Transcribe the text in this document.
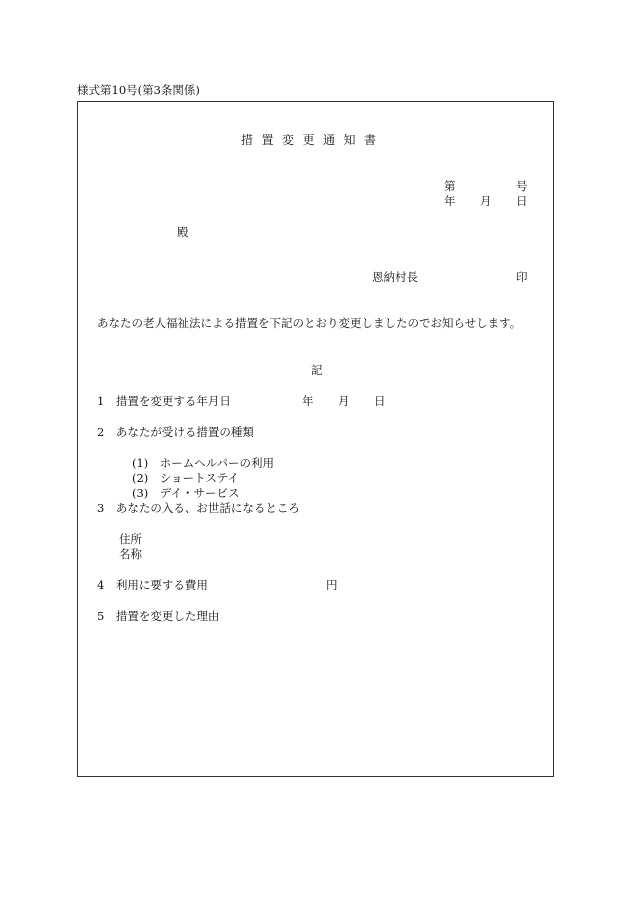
様式第10号(第3条関係)
措置変更通知書
第	号
年 月 日
殿
恩納村長	印
あなたの老人福祉法による措置を下記のとおり変更しましたのでお知らせします。
記
1　措置を変更する年月日	年 月 日
2　あなたが受ける措置の種類
(1)　ホームヘルパーの利用
(2)　ショートステイ
(3)　デイ・サービス
3　あなたの入る、お世話になるところ
住所
名称
4　利用に要する費用	円
5　措置を変更した理由
